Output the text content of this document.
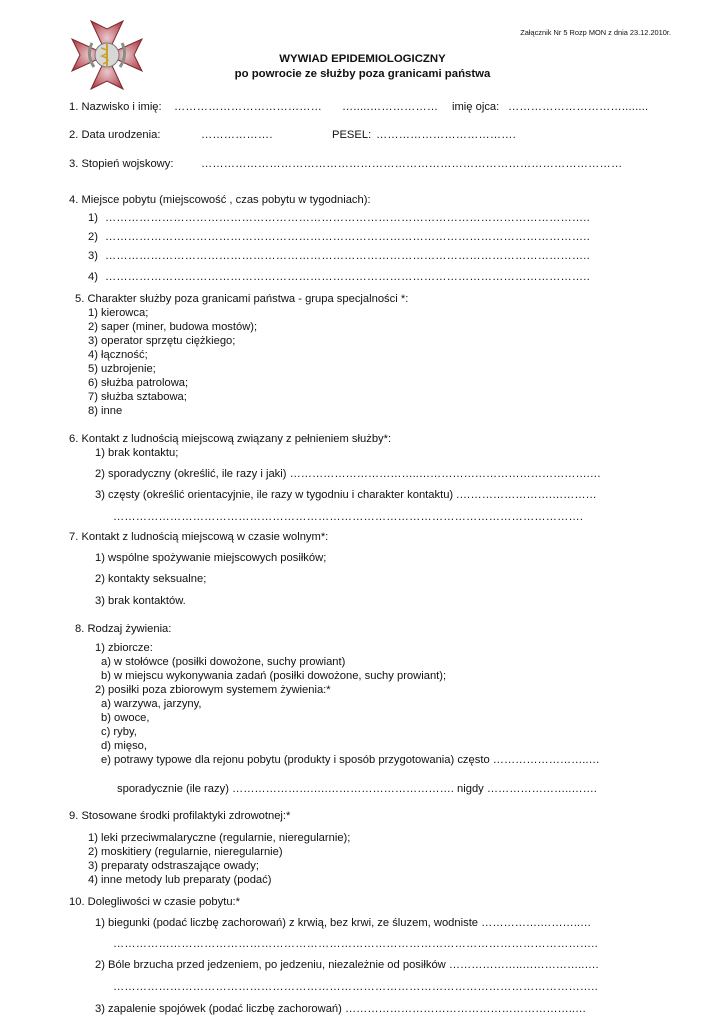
Załącznik Nr 5 Rozp MON z dnia 23.12.2010r.
WYWIAD EPIDEMIOLOGICZNY
po powrocie ze służby poza granicami państwa
1. Nazwisko i imię: ………………………………… ….....……………… imię ojca: …………………………........
2. Data urodzenia:	……………….	PESEL: ……………………………….
3. Stopień wojskowy: …………………………………………………………………………………………………
4. Miejsce pobytu (miejscowość , czas pobytu w tygodniach):
1) ………………………………………………………………………………………………………………..
2) ………………………………………………………………………………………………………………..
3) ………………………………………………………………………………………………………………..
4) ………………………………………………………………………………………………………………..
5. Charakter służby poza granicami państwa - grupa specjalności *:
1) kierowca;
2) saper (miner, budowa mostów);
3) operator sprzętu ciężkiego;
4) łączność;
5) uzbrojenie;
6) służba patrolowa;
7) służba sztabowa;
8) inne
6. Kontakt z ludnością miejscową związany z pełnieniem służby*:
1) brak kontaktu;
2) sporadyczny (określić, ile razy i jaki) ……………………………..……………………………………….…
3) częsty (określić orientacyjnie, ile razy w tygodniu i charakter kontaktu) .…………………….…………
…………………………………………………………………………………………………………….
7. Kontakt z ludnością miejscową w czasie wolnym*:
1) wspólne spożywanie miejscowych posiłków;
2) kontakty seksualne;
3) brak kontaktów.
8. Rodzaj żywienia:
1) zbiorcze:
a) w stołówce (posiłki dowożone, suchy prowiant)
b) w miejscu wykonywania zadań (posiłki dowożone, suchy prowiant);
2) posiłki poza zbiorowym systemem żywienia:*
a) warzywa, jarzyny,
b) owoce,
c) ryby,
d) mięso,
e) potrawy typowe dla rejonu pobytu (produkty i sposób przygotowania) często ……………………..…
sporadycznie (ile razy) ………………….….……………………………. nigdy …………………..…….
9. Stosowane środki profilaktyki zdrowotnej:*
1) leki przeciwmalaryczne (regularnie, nieregularnie);
2) moskitiery (regularnie, nieregularnie)
3) preparaty odstraszające owady;
4) inne metody lub preparaty (podać)
10. Dolegliwości w czasie pobytu:*
1) biegunki (podać liczbę zachorowań) z krwią, bez krwi, ze śluzem, wodniste …………….………..…
………………………………………………………………………………………………………………..
2) Bóle brzucha przed jedzeniem, po jedzeniu, niezależnie od posiłków ………………..……………..….
………………………………………………………………………………………………………………..
3) zapalenie spojówek (podać liczbę zachorowań) ……………………………………………………..…
